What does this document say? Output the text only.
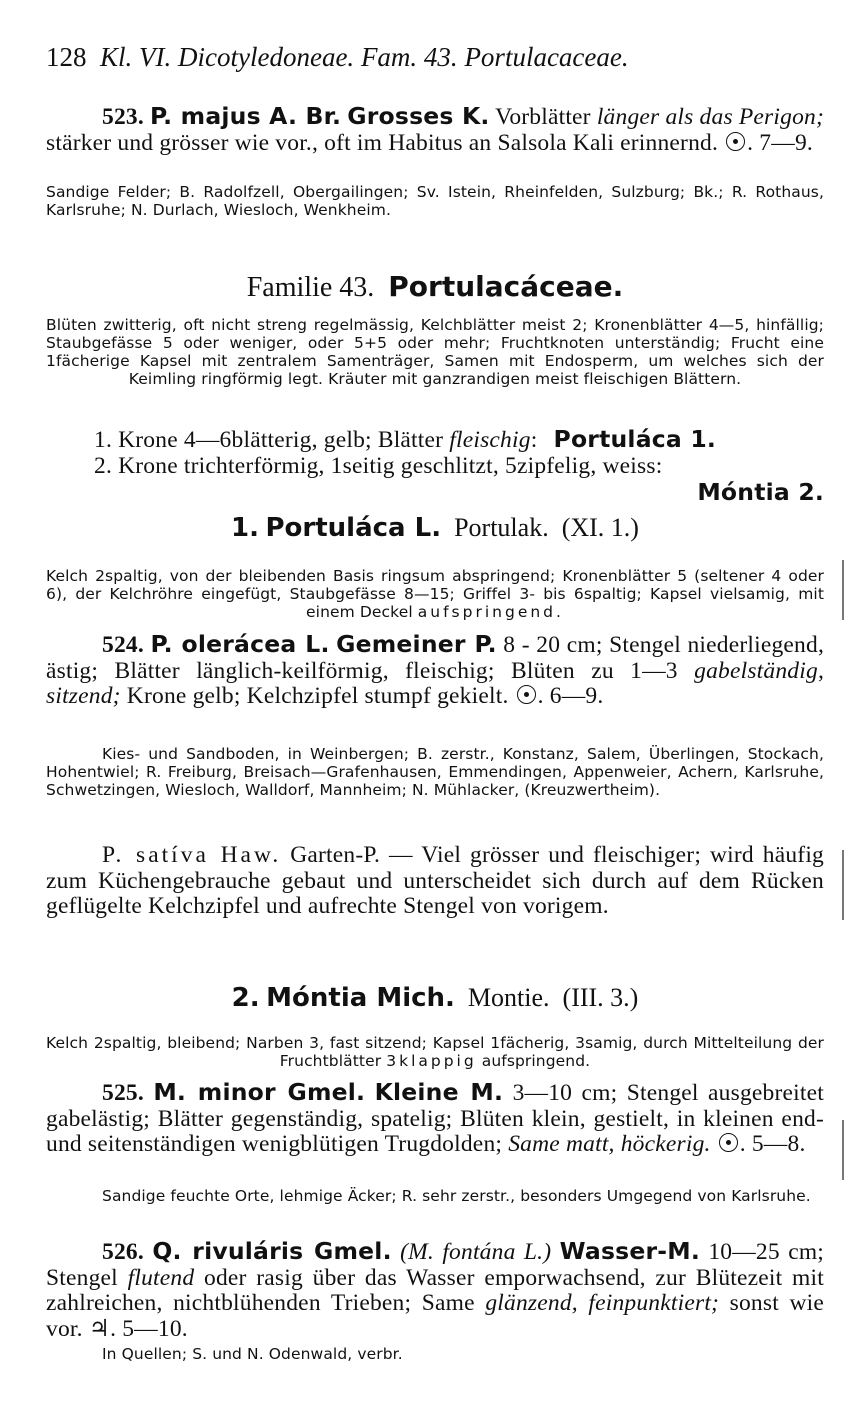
128 Kl. VI. Dicotyledoneae. Fam. 43. Portulacaceae.
523. P. majus A. Br. Grosses K. Vorblätter länger als das Perigon; stärker und grösser wie vor., oft im Habitus an Salsola Kali erinnernd. . 7—9.
Sandige Felder; B. Radolfzell, Obergailingen; Sv. Istein, Rheinfelden, Sulzburg; Bk.; R. Rothaus, Karlsruhe; N. Durlach, Wiesloch, Wenkheim.
Familie 43. Portulacáceae.
Blüten zwitterig, oft nicht streng regelmässig, Kelchblätter meist 2; Kronenblätter 4—5, hinfällig; Staubgefässe 5 oder weniger, oder 5+5 oder mehr; Fruchtknoten unterständig; Frucht eine 1fächerige Kapsel mit zentralem Samenträger, Samen mit Endosperm, um welches sich der Keimling ringförmig legt. Kräuter mit ganzrandigen meist fleischigen Blättern.
1. Krone 4—6blätterig, gelb; Blätter fleischig: Portuláca 1.
2. Krone trichterförmig, 1seitig geschlitzt, 5zipfelig, weiss:
Móntia 2.
1. Portuláca L. Portulak. (XI. 1.)
Kelch 2spaltig, von der bleibenden Basis ringsum abspringend; Kronenblätter 5 (seltener 4 oder 6), der Kelchröhre eingefügt, Staubgefässe 8—15; Griffel 3- bis 6spaltig; Kapsel vielsamig, mit einem Deckel aufspringend.
524. P. olerácea L. Gemeiner P. 8 - 20 cm; Stengel niederliegend, ästig; Blätter länglich-keilförmig, fleischig; Blüten zu 1—3 gabelständig, sitzend; Krone gelb; Kelchzipfel stumpf gekielt. . 6—9.
Kies- und Sandboden, in Weinbergen; B. zerstr., Konstanz, Salem, Überlingen, Stockach, Hohentwiel; R. Freiburg, Breisach—Grafenhausen, Emmendingen, Appenweier, Achern, Karlsruhe, Schwetzingen, Wiesloch, Walldorf, Mannheim; N. Mühlacker, (Kreuzwertheim).
P. satíva Haw. Garten-P. — Viel grösser und fleischiger; wird häufig zum Küchengebrauche gebaut und unterscheidet sich durch auf dem Rücken geflügelte Kelchzipfel und aufrechte Stengel von vorigem.
2. Móntia Mich. Montie. (III. 3.)
Kelch 2spaltig, bleibend; Narben 3, fast sitzend; Kapsel 1fächerig, 3samig, durch Mittelteilung der Fruchtblätter 3klappig aufspringend.
525. M. minor Gmel. Kleine M. 3—10 cm; Stengel ausgebreitet gabelästig; Blätter gegenständig, spatelig; Blüten klein, gestielt, in kleinen end- und seitenständigen wenigblütigen Trugdolden; Same matt, höckerig. . 5—8.
Sandige feuchte Orte, lehmige Äcker; R. sehr zerstr., besonders Umgegend von Karlsruhe.
526. Q. rivuláris Gmel. (M. fontána L.) Wasser-M. 10—25 cm; Stengel flutend oder rasig über das Wasser emporwachsend, zur Blütezeit mit zahlreichen, nichtblühenden Trieben; Same glänzend, feinpunktiert; sonst wie vor. ♃. 5—10.
In Quellen; S. und N. Odenwald, verbr.
